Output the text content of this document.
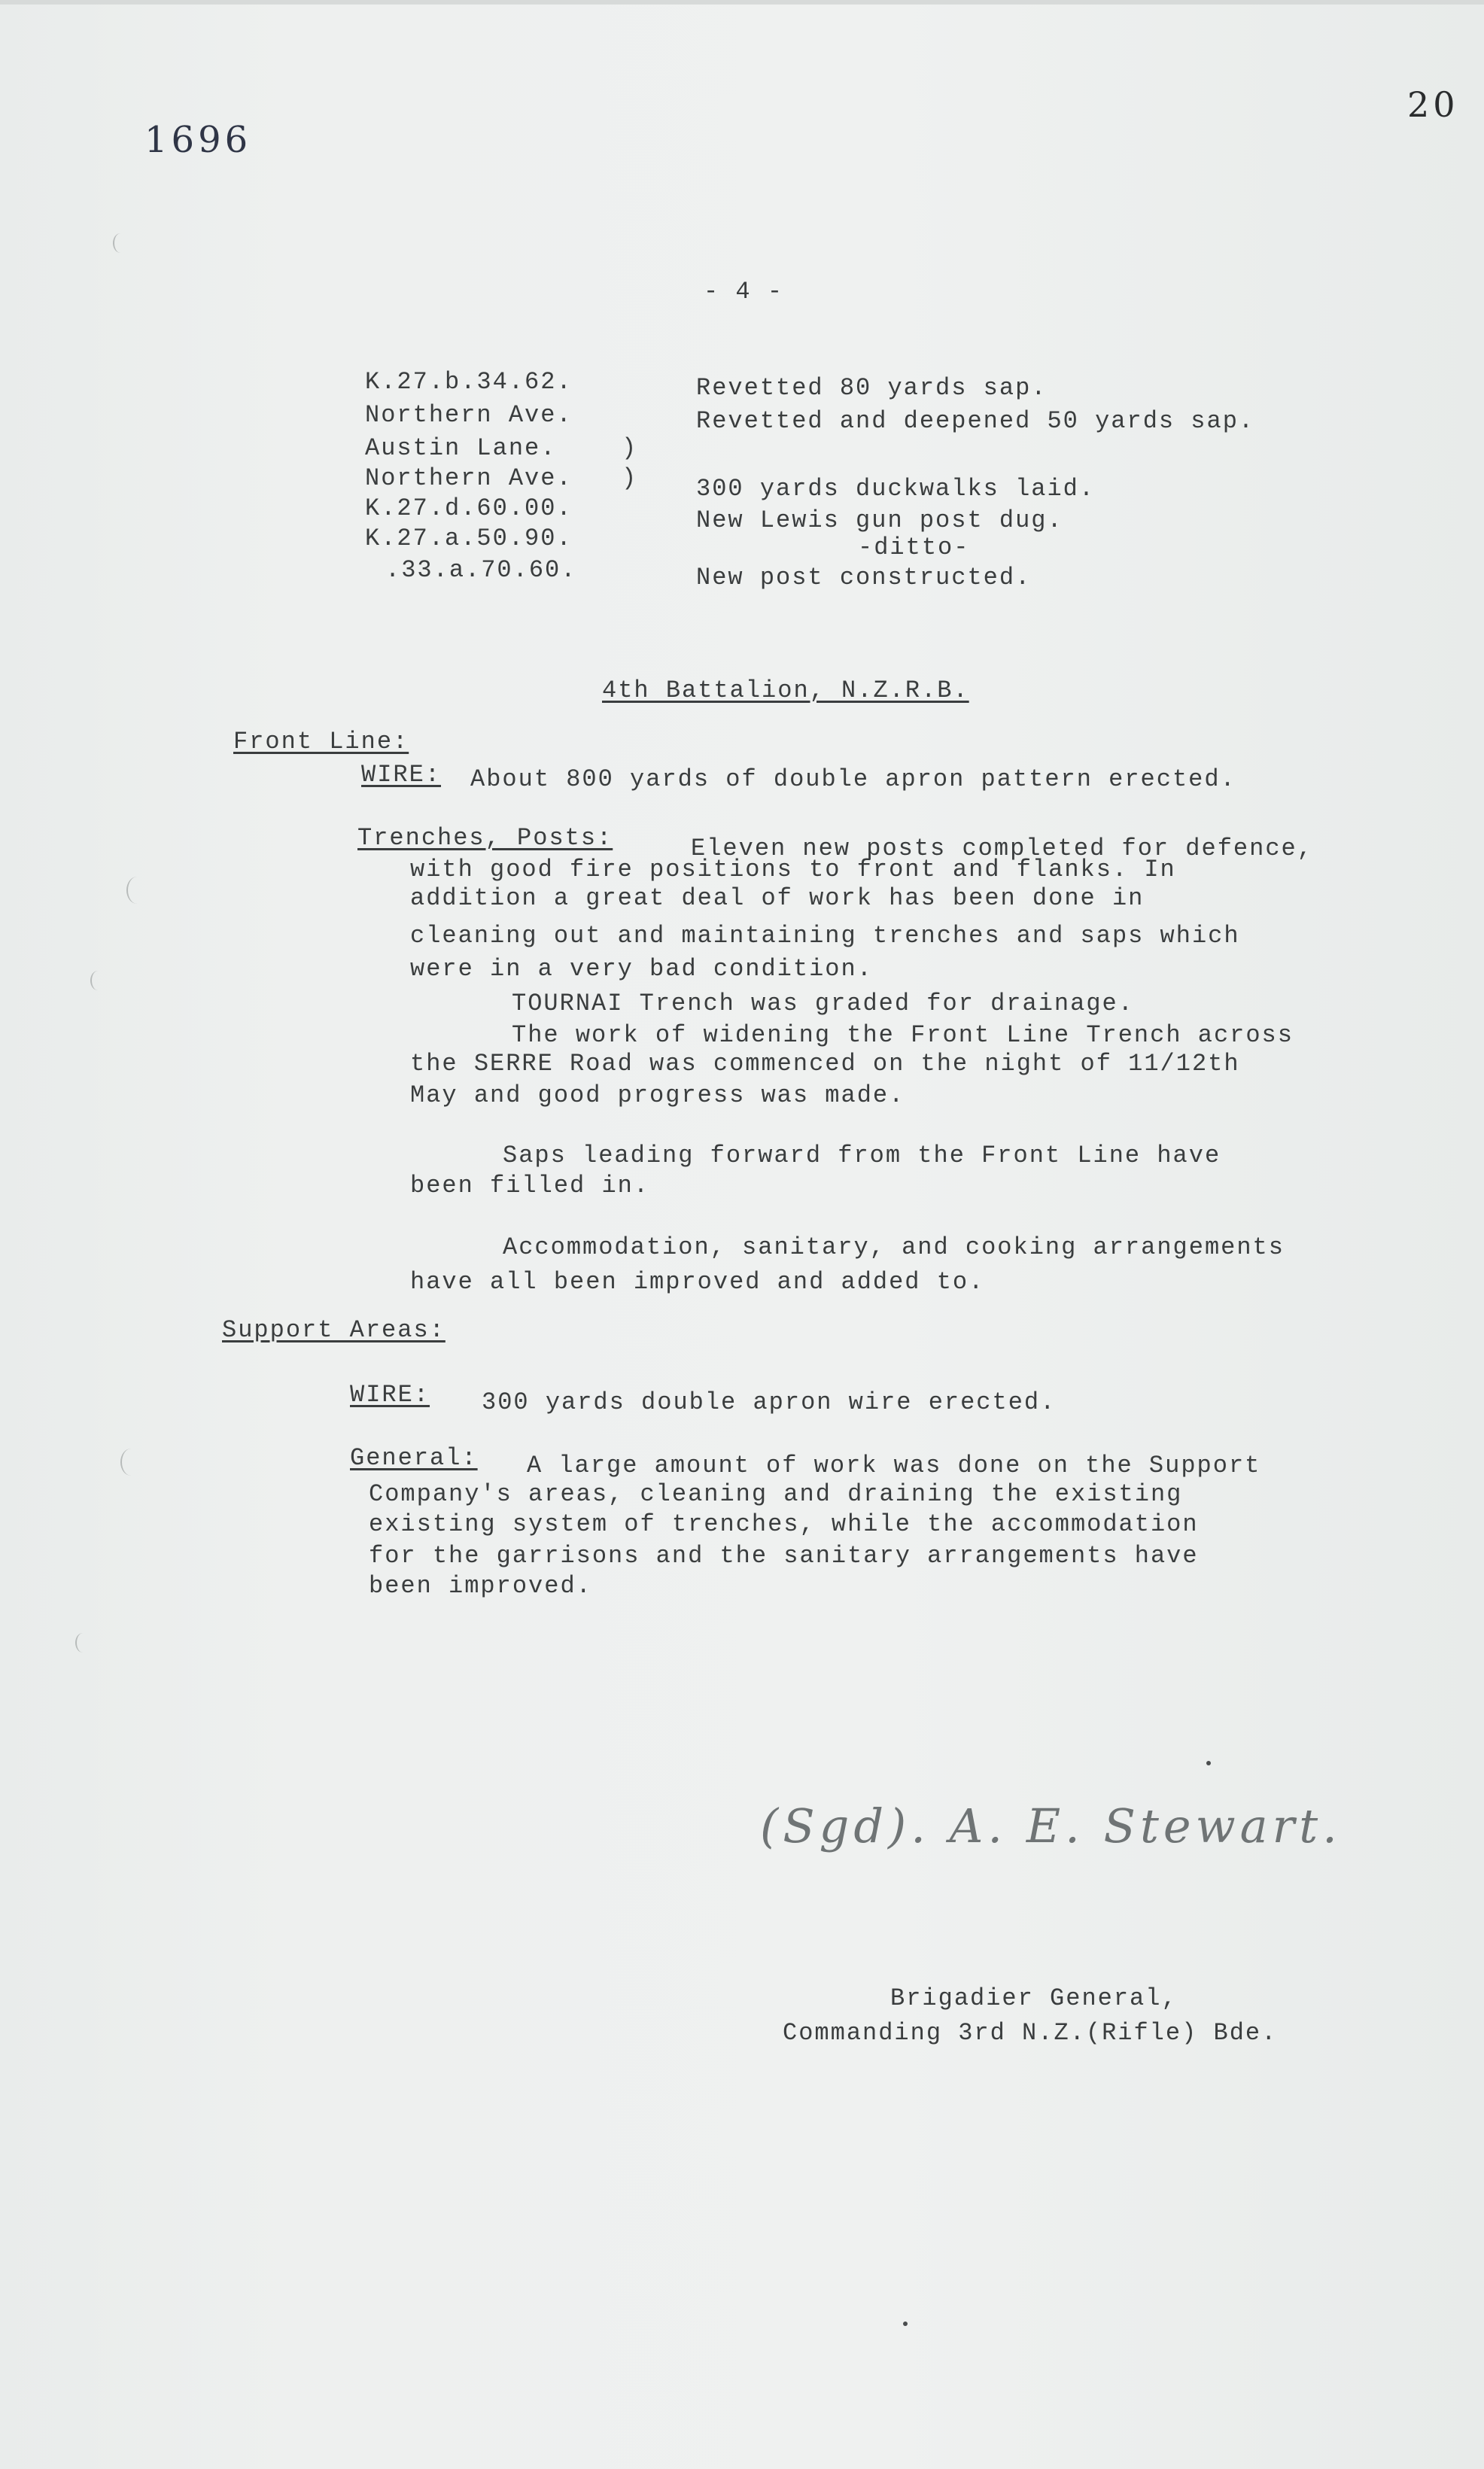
1696
20
- 4 -
K.27.b.34.62.	Revetted 80 yards sap.
Northern Ave.	Revetted and deepened 50 yards sap.
Austin Lane.	)
Northern Ave. ) 300 yards duckwalks laid.
K.27.d.60.00.	New Lewis gun post dug.
K.27.a.50.90.	-ditto-
.33.a.70.60.	New post constructed.
4th Battalion, N.Z.R.B.
Front Line:
WIRE: About 800 yards of double apron pattern erected.
Trenches, Posts:	Eleven new posts completed for defence,
with good fire positions to front and flanks. In
addition a great deal of work has been done in
cleaning out and maintaining trenches and saps which
were in a very bad condition.
TOURNAI Trench was graded for drainage.
The work of widening the Front Line Trench across
the SERRE Road was commenced on the night of 11/12th
May and good progress was made.
Saps leading forward from the Front Line have
been filled in.
Accommodation, sanitary, and cooking arrangements
have all been improved and added to.
Support Areas:
WIRE: 300 yards double apron wire erected.
General: A large amount of work was done on the Support
Company's areas, cleaning and draining the existing
existing system of trenches, while the accommodation
for the garrisons and the sanitary arrangements have
been improved.
(Sgd). A. E. Stewart.
Brigadier General,
Commanding 3rd N.Z.(Rifle) Bde.
